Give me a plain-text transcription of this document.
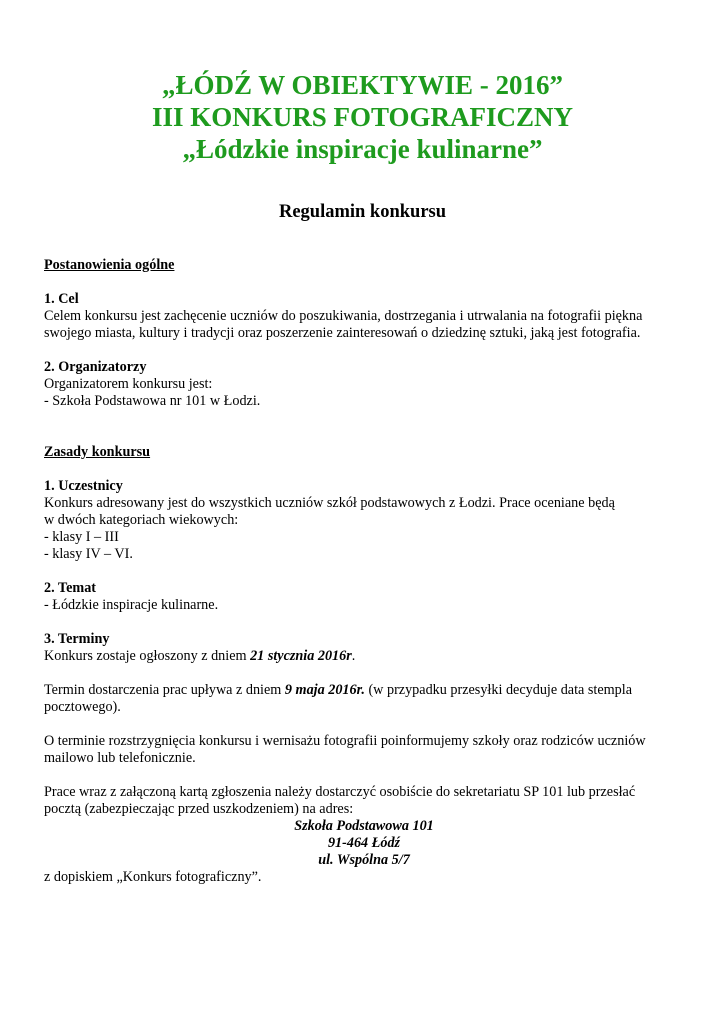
„ŁÓDŹ W OBIEKTYWIE - 2016”
III KONKURS FOTOGRAFICZNY
„Łódzkie inspiracje kulinarne”
Regulamin konkursu
Postanowienia ogólne
1. Cel
Celem konkursu jest zachęcenie uczniów do poszukiwania, dostrzegania i utrwalania na fotografii piękna
swojego miasta, kultury i tradycji oraz poszerzenie zainteresowań o dziedzinę sztuki, jaką jest fotografia.
2. Organizatorzy
Organizatorem konkursu jest:
- Szkoła Podstawowa nr 101 w Łodzi.
Zasady konkursu
1. Uczestnicy
Konkurs adresowany jest do wszystkich uczniów szkół podstawowych z Łodzi. Prace oceniane będą
w dwóch kategoriach wiekowych:
- klasy I – III
- klasy IV – VI.
2. Temat
- Łódzkie inspiracje kulinarne.
3. Terminy
Konkurs zostaje ogłoszony z dniem 21 stycznia 2016r.
Termin dostarczenia prac upływa z dniem 9 maja 2016r. (w przypadku przesyłki decyduje data stempla
pocztowego).
O terminie rozstrzygnięcia konkursu i wernisażu fotografii poinformujemy szkoły oraz rodziców uczniów
mailowo lub telefonicznie.
Prace wraz z załączoną kartą zgłoszenia należy dostarczyć osobiście do sekretariatu SP 101 lub przesłać
pocztą (zabezpieczając przed uszkodzeniem) na adres:
Szkoła Podstawowa 101
91-464 Łódź
ul. Wspólna 5/7
z dopiskiem „Konkurs fotograficzny”.
